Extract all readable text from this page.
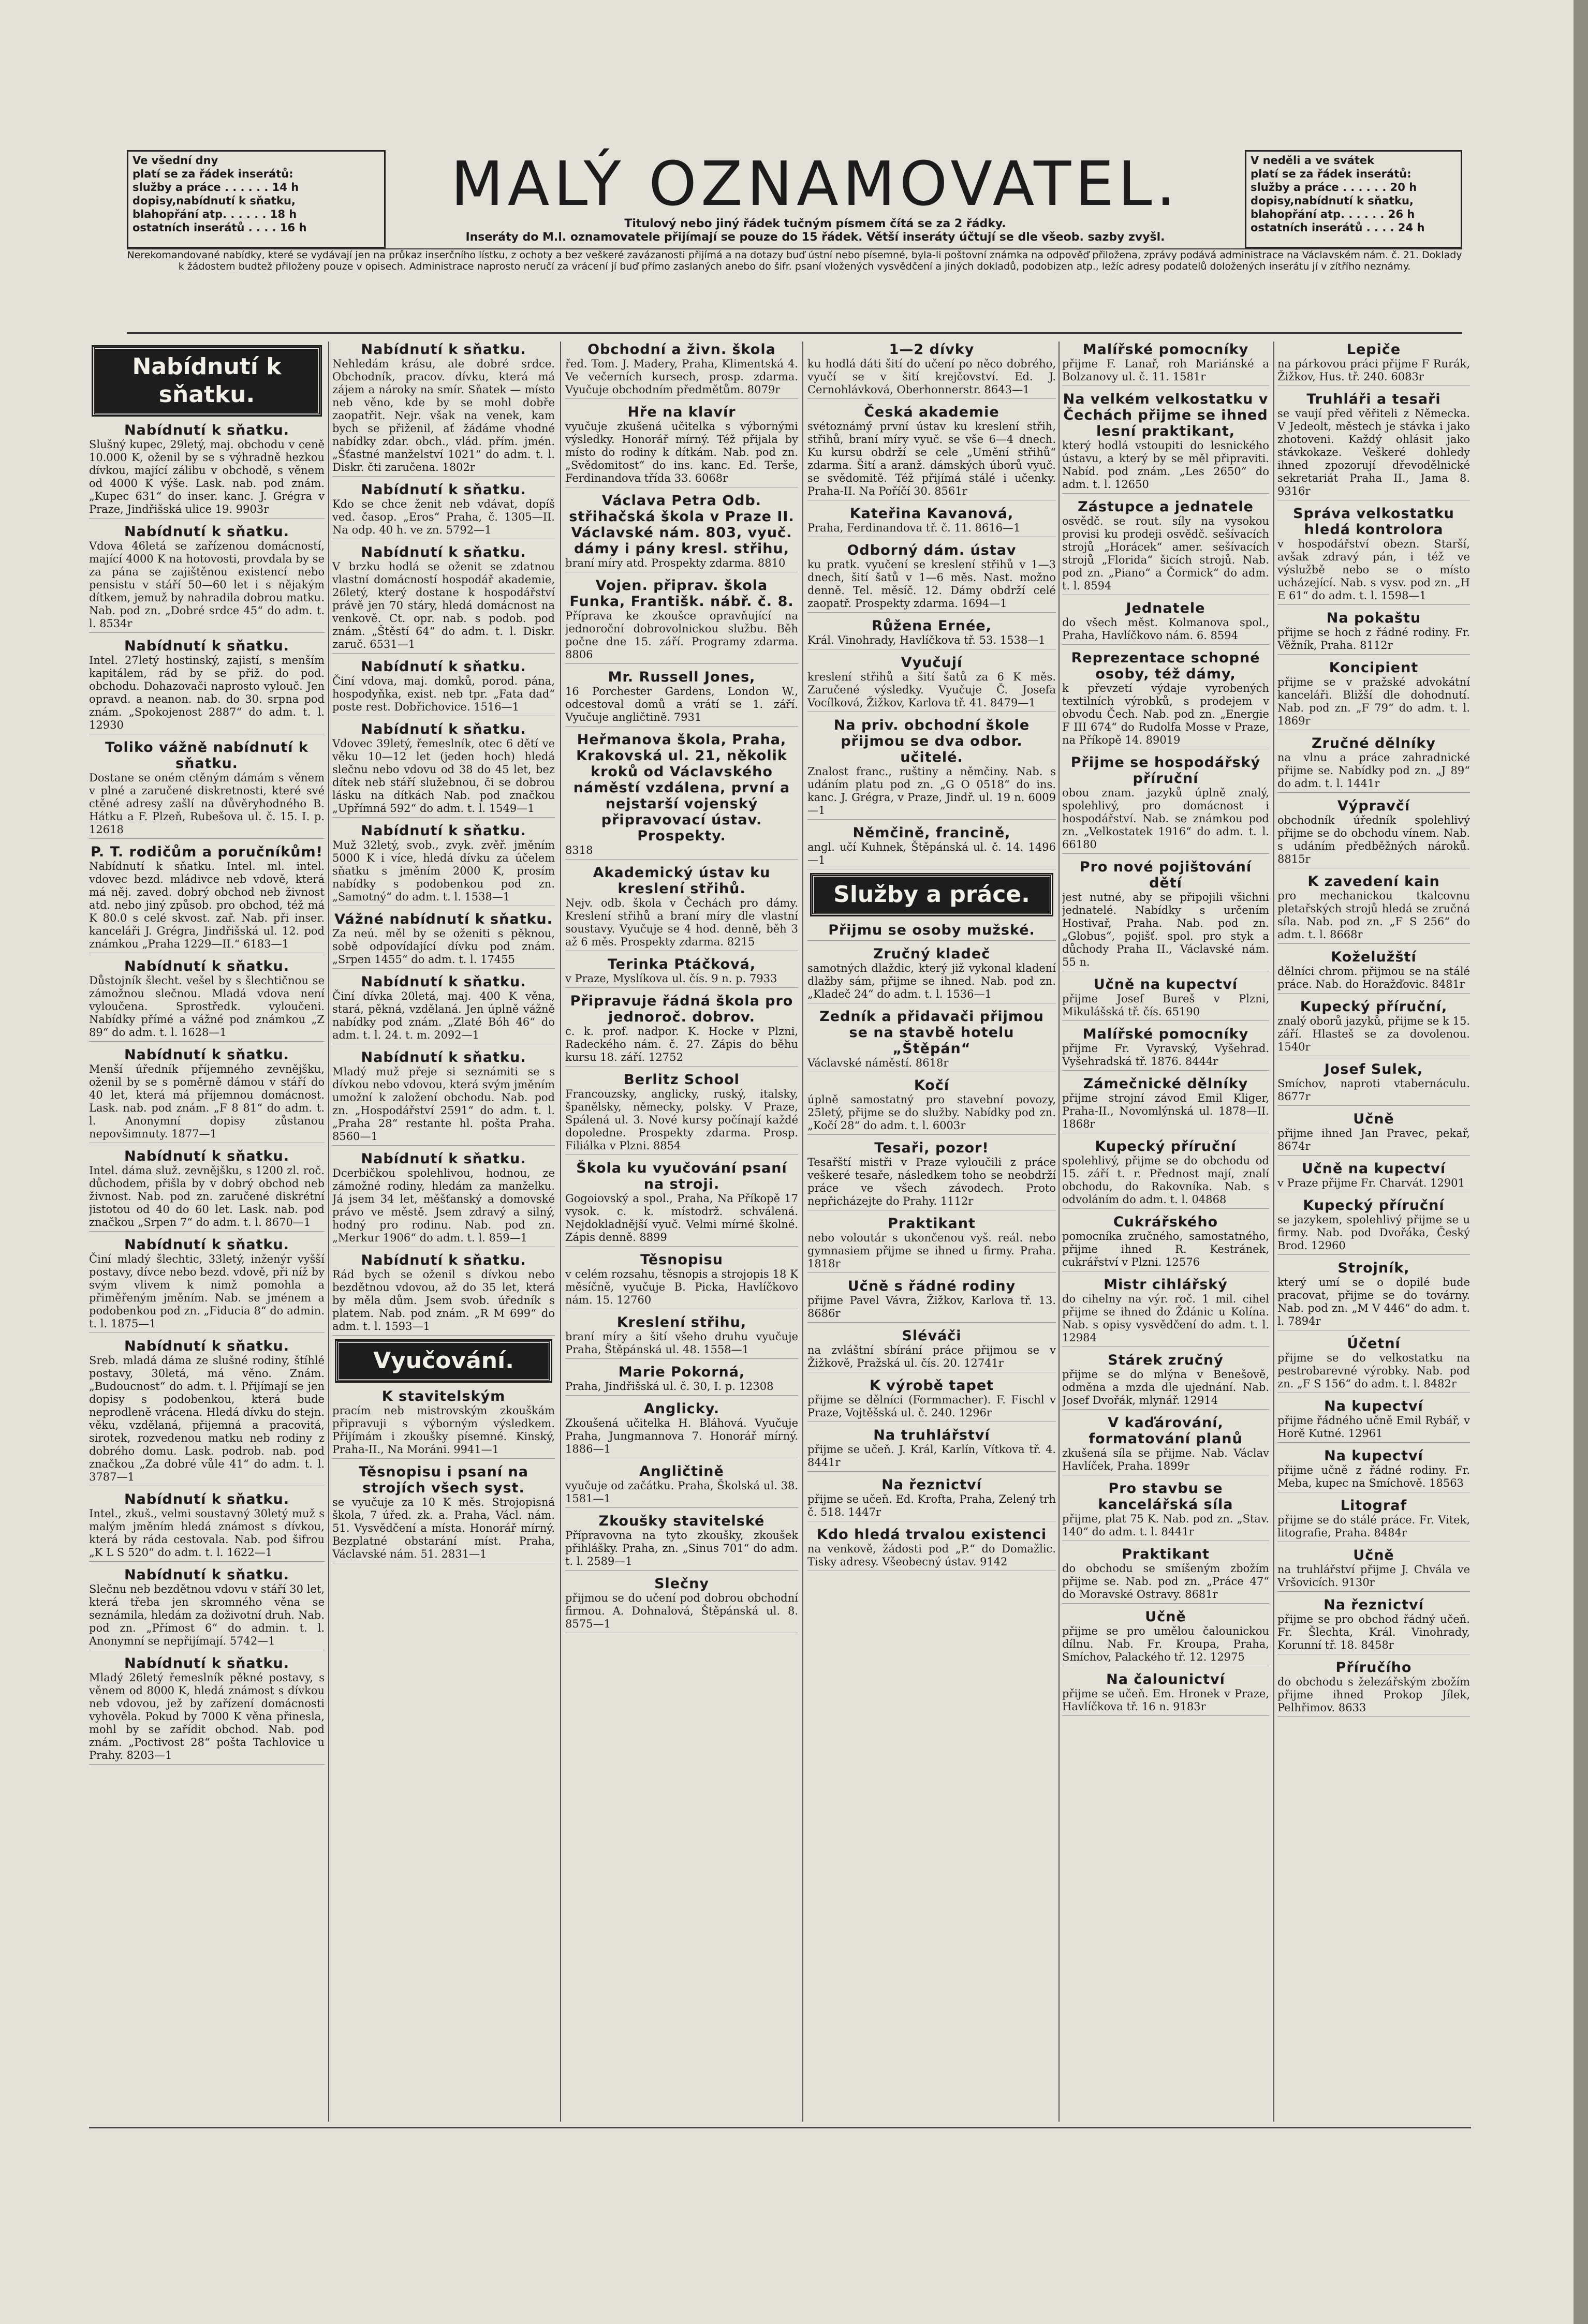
Ve všední dny
platí se za řádek inserátů:
služby a práce . . . . . . 14 h
dopisy,nabídnutí k sňatku,
blahopřání atp. . . . . . 18 h
ostatních inserátů . . . . 16 h
MALÝ OZNAMOVATEL.
Titulový nebo jiný řádek tučným písmem čítá se za 2 řádky.
Inseráty do M.l. oznamovatele přijímají se pouze do 15 řádek. Větší inseráty účtují se dle všeob. sazby zvyšl.
V neděli a ve svátek
platí se za řádek inserátů:
služby a práce . . . . . . 20 h
dopisy,nabídnutí k sňatku,
blahopřání atp. . . . . . 26 h
ostatních inserátů . . . . 24 h
Nerekomandované nabídky, které se vydávají jen na průkaz inserčního lístku, z ochoty a bez veškeré zavázanosti přijímá a na dotazy buď ústní nebo písemné, byla-li poštovní známka na odpověď přiložena, zprávy podává administrace na Václavském nám. č. 21. Doklady k žádostem budtež přiloženy pouze v opisech. Administrace naprosto neručí za vrácení jí buď přímo zaslaných anebo do šifr. psaní vložených vysvědčení a jiných dokladů, podobizen atp., ležíc adresy podatelů doložených inserátu jí v zítřího neznámy.
Nabídnutí k sňatku.
Nabídnutí k sňatku.

Slušný kupec, 29letý, maj. obchodu v ceně 10.000 K, oženil by se s výhradně hezkou dívkou, mající zálibu v obchodě, s věnem od 4000 K výše. Lask. nab. pod znám. „Kupec 631“ do inser. kanc. J. Grégra v Praze, Jindřišská ulice 19. 9903r

Nabídnutí k sňatku.

Vdova 46letá se zařízenou domácností, mající 4000 K na hotovosti, provdala by se za pána se zajištěnou existencí nebo pensistu v stáří 50—60 let i s nějakým dítkem, jemuž by nahradila dobrou matku. Nab. pod zn. „Dobré srdce 45“ do adm. t. l. 8534r

Nabídnutí k sňatku.

Intel. 27letý hostinský, zajistí, s menším kapitálem, rád by se přiž. do pod. obchodu. Dohazovači naprosto vylouč. Jen opravd. a neanon. nab. do 30. srpna pod znám. „Spokojenost 2887“ do adm. t. l. 12930

Toliko vážně nabídnutí k sňatku.

Dostane se oném ctěným dámám s věnem v plné a zaručené diskretnosti, které své ctěné adresy zašlí na důvěryhodného B. Hátku a F. Plzeň, Rubešova ul. č. 15. I. p. 12618

P. T. rodičům a poručníkům!

Nabídnutí k sňatku. Intel. ml. intel. vdovec bezd. mládivce neb vdově, která má něj. zaved. dobrý obchod neb živnost atd. nebo jiný způsob. pro obchod, též má K 80.0 s celé skvost. zař. Nab. při inser. kanceláři J. Grégra, Jindřišská ul. 12. pod známkou „Praha 1229—II.“ 6183—1

Nabídnutí k sňatku.

Důstojník šlecht. vešel by s šlechtičnou se zámožnou slečnou. Mladá vdova není vyloučena. Sprostředk. vyloučeni. Nabídky přímé a vážné pod známkou „Z 89“ do adm. t. l. 1628—1

Nabídnutí k sňatku.

Menší úředník příjemného zevnějšku, oženil by se s poměrně dámou v stáří do 40 let, která má příjemnou domácnost. Lask. nab. pod znám. „F 8 81“ do adm. t. l. Anonymní dopisy zůstanou nepovšimnuty. 1877—1

Nabídnutí k sňatku.

Intel. dáma služ. zevnějšku, s 1200 zl. roč. důchodem, přišla by v dobrý obchod neb živnost. Nab. pod zn. zaručené diskrétní jistotou od 40 do 60 let. Lask. nab. pod značkou „Srpen 7“ do adm. t. l. 8670—1

Nabídnutí k sňatku.

Činí mladý šlechtic, 33letý, inženýr vyšší postavy, dívce nebo bezd. vdově, při níž by svým vlivem k nimž pomohla a přiměřeným jměním. Nab. se jménem a podobenkou pod zn. „Fiducia 8“ do admin. t. l. 1875—1

Nabídnutí k sňatku.

Sreb. mladá dáma ze slušné rodiny, štíhlé postavy, 30letá, má věno. Znám. „Budoucnost“ do adm. t. l. Přijímají se jen dopisy s podobenkou, která bude neprodleně vrácena. Hledá dívku do stejn. věku, vzdělaná, přijemná a pracovitá, sirotek, rozvedenou matku neb rodiny z dobrého domu. Lask. podrob. nab. pod značkou „Za dobré vůle 41“ do adm. t. l. 3787—1

Nabídnutí k sňatku.

Intel., zkuš., velmi soustavný 30letý muž s malým jměním hledá známost s dívkou, která by ráda cestovala. Nab. pod šifrou „K L S 520“ do adm. t. l. 1622—1

Nabídnutí k sňatku.

Slečnu neb bezdětnou vdovu v stáří 30 let, která třeba jen skromného věna se seznámila, hledám za doživotní druh. Nab. pod zn. „Přímost 6“ do admin. t. l. Anonymní se nepřijímají. 5742—1

Nabídnutí k sňatku.

Mladý 26letý řemeslník pěkné postavy, s věnem od 8000 K, hledá známost s dívkou neb vdovou, jež by zařízení domácnosti vyhověla. Pokud by 7000 K věna přinesla, mohl by se zařídit obchod. Nab. pod znám. „Poctivost 28“ pošta Tachlovice u Prahy. 8203—1

Nabídnutí k sňatku.

Nehledám krásu, ale dobré srdce. Obchodník, pracov. dívku, která má zájem a nároky na smír. Sňatek — místo neb věno, kde by se mohl dobře zaopatřit. Nejr. však na venek, kam bych se přiženil, ať žádáme vhodné nabídky zdar. obch., vlád. přím. jmén. „Šťastné manželství 1021“ do adm. t. l. Diskr. čti zaručena. 1802r

Nabídnutí k sňatku.

Kdo se chce ženit neb vdávat, dopíš ved. časop. „Eros“ Praha, č. 1305—II. Na odp. 40 h. ve zn. 5792—1

Nabídnutí k sňatku.

V brzku hodlá se oženit se zdatnou vlastní domácností hospodář akademie, 26letý, který dostane k hospodářství právě jen 70 stáry, hledá domácnost na venkově. Ct. opr. nab. s podob. pod znám. „Štěstí 64“ do adm. t. l. Diskr. zaruč. 6531—1

Nabídnutí k sňatku.

Činí vdova, maj. domků, porod. pána, hospodyňka, exist. neb tpr. „Fata dad“ poste rest. Dobřichovice. 1516—1

Nabídnutí k sňatku.

Vdovec 39letý, řemeslník, otec 6 dětí ve věku 10—12 let (jeden hoch) hledá slečnu nebo vdovu od 38 do 45 let, bez dítek neb stáří služebnou, či se dobrou lásku na dítkách Nab. pod značkou „Upřímná 592“ do adm. t. l. 1549—1

Nabídnutí k sňatku.

Muž 32letý, svob., zvyk. zvěř. jměním 5000 K i více, hledá dívku za účelem sňatku s jměním 2000 K, prosím nabídky s podobenkou pod zn. „Samotný“ do adm. t. l. 1538—1

Vážné nabídnutí k sňatku.

Za neú. měl by se oženiti s pěknou, sobě odpovídající dívku pod znám. „Srpen 1455“ do adm. t. l. 17455

Nabídnutí k sňatku.

Činí dívka 20letá, maj. 400 K věna, stará, pěkná, vzdělaná. Jen úplně vážně nabídky pod znám. „Zlaté Bóh 46“ do adm. t. l. 24. t. m. 2092—1

Nabídnutí k sňatku.

Mladý muž přeje si seznámiti se s dívkou nebo vdovou, která svým jměním umožní k založení obchodu. Nab. pod zn. „Hospodářství 2591“ do adm. t. l. „Praha 28“ restante hl. pošta Praha. 8560—1

Nabídnutí k sňatku.

Dcerbičkou spolehlivou, hodnou, ze zámožné rodiny, hledám za manželku. Já jsem 34 let, měšťanský a domovské právo ve městě. Jsem zdravý a silný, hodný pro rodinu. Nab. pod zn. „Merkur 1906“ do adm. t. l. 859—1

Nabídnutí k sňatku.

Rád bych se oženil s dívkou nebo bezdětnou vdovou, až do 35 let, která by měla dům. Jsem svob. úředník s platem. Nab. pod znám. „R M 699“ do adm. t. l. 1593—1

Vyučování.
K stavitelským

pracím neb mistrovským zkouškám připravuji s výborným výsledkem. Přijímám i zkoušky písemné. Kinský, Praha-II., Na Moráni. 9941—1

Těsnopisu i psaní na strojích všech syst.

se vyučuje za 10 K měs. Strojopisná škola, 7 úřed. zk. a. Praha, Václ. nám. 51. Vysvědčení a místa. Honorář mírný. Bezplatné obstarání míst. Praha, Václavské nám. 51. 2831—1

Obchodní a živn. škola

řed. Tom. J. Madery, Praha, Klimentská 4. Ve večerních kursech, prosp. zdarma. Vyučuje obchodním předmětům. 8079r

Hře na klavír

vyučuje zkušená učitelka s výbornými výsledky. Honorář mírný. Též přijala by místo do rodiny k dítkám. Nab. pod zn. „Svědomitost“ do ins. kanc. Ed. Terše, Ferdinandova třída 33. 6068r

Václava Petra Odb. střihačská škola v Praze II. Václavské nám. 803, vyuč. dámy i pány kresl. střihu,

braní míry atd. Prospekty zdarma. 8810

Vojen. připrav. škola Funka, Františk. nábř. č. 8.

Příprava ke zkoušce opravňující na jednoroční dobrovolnickou službu. Běh počne dne 15. září. Programy zdarma. 8806

Mr. Russell Jones,

16 Porchester Gardens, London W., odcestoval domů a vrátí se 1. září. Vyučuje angličtině. 7931

Heřmanova škola, Praha, Krakovská ul. 21, několik kroků od Václavského náměstí vzdálena, první a nejstarší vojenský připravovací ústav. Prospekty.

8318

Akademický ústav ku kreslení střihů.

Nejv. odb. škola v Čechách pro dámy. Kreslení střihů a braní míry dle vlastní soustavy. Vyučuje se 4 hod. denně, běh 3 až 6 měs. Prospekty zdarma. 8215

Terinka Ptáčková,

v Praze, Myslíkova ul. čís. 9 n. p. 7933

Připravuje řádná škola pro jednoroč. dobrov.

c. k. prof. nadpor. K. Hocke v Plzni, Radeckého nám. č. 27. Zápis do běhu kursu 18. září. 12752

Berlitz School

Francouzsky, anglicky, ruský, italsky, španělsky, německy, polsky. V Praze, Spálená ul. 3. Nové kursy počínají každé dopoledne. Prospekty zdarma. Prosp. Filiálka v Plzni. 8854

Škola ku vyučování psaní na stroji.

Gogoiovský a spol., Praha, Na Příkopě 17 vysok. c. k. místodrž. schválená. Nejdokladnější vyuč. Velmi mírné školné. Zápis denně. 8899

Těsnopisu

v celém rozsahu, těsnopis a strojopis 18 K měsíčně, vyučuje B. Picka, Havlíčkovo nám. 15. 12760

Kreslení střihu,

braní míry a šití všeho druhu vyučuje Praha, Štěpánská ul. 48. 1558—1

Marie Pokorná,

Praha, Jindřišská ul. č. 30, I. p. 12308

Anglicky.

Zkoušená učitelka H. Bláhová. Vyučuje Praha, Jungmannova 7. Honorář mírný. 1886—1

Angličtině

vyučuje od začátku. Praha, Školská ul. 38. 1581—1

Zkoušky stavitelské

Přípravovna na tyto zkoušky, zkoušek přihlášky. Praha, zn. „Sinus 701“ do adm. t. l. 2589—1

Slečny

přijmou se do učení pod dobrou obchodní firmou. A. Dohnalová, Štěpánská ul. 8. 8575—1

1—2 dívky

ku hodlá dáti šití do učení po něco dobrého, vyučí se v šití krejčovství. Ed. J. Cernohlávková, Oberhonnerstr. 8643—1

Česká akademie

svétoznámý první ústav ku kreslení střih, střihů, braní míry vyuč. se vše 6—4 dnech. Ku kursu obdrží se cele „Umění střihů“ zdarma. Šití a aranž. dámských úborů vyuč. se svědomitě. Též přijímá stálé i učenky. Praha-II. Na Poříčí 30. 8561r

Kateřina Kavanová,

Praha, Ferdinandova tř. č. 11. 8616—1

Odborný dám. ústav

ku pratk. vyučení se kreslení střihů v 1—3 dnech, šití šatů v 1—6 měs. Nast. možno denně. Tel. měsíč. 12. Dámy obdrží celé zaopatř. Prospekty zdarma. 1694—1

Růžena Ernée,

Král. Vinohrady, Havlíčkova tř. 53. 1538—1

Vyučují

kreslení střihů a šití šatů za 6 K měs. Zaručené výsledky. Vyučuje Č. Josefa Vocílková, Žižkov, Karlova tř. 41. 8479—1

Na priv. obchodní škole přijmou se dva odbor. učitelé.

Znalost franc., ruštiny a němčiny. Nab. s udáním platu pod zn. „G O 0518“ do ins. kanc. J. Grégra, v Praze, Jindř. ul. 19 n. 6009—1

Němčině, francině,

angl. učí Kuhnek, Štěpánská ul. č. 14. 1496—1

Služby a práce.
Přijmu se osoby mužské.
Zručný kladeč

samotných dlaždic, který již vykonal kladení dlažby sám, přijme se ihned. Nab. pod zn. „Kladeč 24“ do adm. t. l. 1536—1

Zedník a přidavači přijmou se na stavbě hotelu „Štěpán“

Václavské náměstí. 8618r

Kočí

úplně samostatný pro stavební povozy, 25letý, přijme se do služby. Nabídky pod zn. „Kočí 28“ do adm. t. l. 6003r

Tesaři, pozor!

Tesařští mistři v Praze vyloučili z práce veškeré tesaře, následkem toho se neobdrží práce ve všech závodech. Proto nepřicházejte do Prahy. 1112r

Praktikant

nebo voloutár s ukončenou vyš. reál. nebo gymnasiem přijme se ihned u firmy. Praha. 1818r

Učně s řádné rodiny

přijme Pavel Vávra, Žižkov, Karlova tř. 13. 8686r

Sléváči

na zvláštní sbírání práce přijmou se v Žižkově, Pražská ul. čís. 20. 12741r

K výrobě tapet

přijme se dělníci (Formmacher). F. Fischl v Praze, Vojtěšská ul. č. 240. 1296r

Na truhlářství

přijme se učeň. J. Král, Karlín, Vítkova tř. 4. 8441r

Na řeznictví

přijme se učeň. Ed. Krofta, Praha, Zelený trh č. 518. 1447r

Kdo hledá trvalou existenci

na venkově, žádosti pod „P.“ do Domažlic. Tisky adresy. Všeobecný ústav. 9142

Malířské pomocníky

přijme F. Lanař, roh Mariánské a Bolzanovy ul. č. 11. 1581r

Na velkém velkostatku v Čechách přijme se ihned lesní praktikant,

který hodlá vstoupiti do lesnického ústavu, a který by se měl připraviti. Nabíd. pod znám. „Les 2650“ do adm. t. l. 12650

Zástupce a jednatele

osvědč. se rout. síly na vysokou provisi ku prodeji osvědč. sešívacích strojů „Horácek“ amer. sešívacích strojů „Florida“ šicích strojů. Nab. pod zn. „Piano“ a Čormick“ do adm. t. l. 8594

Jednatele

do všech měst. Kolmanova spol., Praha, Havlíčkovo nám. 6. 8594

Reprezentace schopné osoby, též dámy,

k převzetí výdaje vyrobených textilních výrobků, s prodejem v obvodu Čech. Nab. pod zn. „Energie F III 674“ do Rudolfa Mosse v Praze, na Příkopě 14. 89019

Přijme se hospodářský příruční

obou znam. jazyků úplně znalý, spolehlivý, pro domácnost i hospodářství. Nab. se známkou pod zn. „Velkostatek 1916“ do adm. t. l. 66180

Pro nové pojištování dětí

jest nutné, aby se připojili všichni jednatelé. Nabídky s určením Hostivař, Praha. Nab. pod zn. „Globus“, pojišť. spol. pro styk a důchody Praha II., Václavské nám. 55 n.

Učně na kupectví

přijme Josef Bureš v Plzni, Mikulášská tř. čís. 65190

Malířské pomocníky

přijme Fr. Vyravský, Vyšehrad. Vyšehradská tř. 1876. 8444r

Zámečnické dělníky

přijme strojní závod Emil Kliger, Praha-II., Novomlýnská ul. 1878—II. 1868r

Kupecký příruční

spolehlivý, přijme se do obchodu od 15. září t. r. Přednost mají, znalí obchodu, do Rakovníka. Nab. s odvoláním do adm. t. l. 04868

Cukrářského

pomocníka zručného, samostatného, přijme ihned R. Kestránek, cukrářství v Plzni. 12576

Mistr cihlářský

do cihelny na výr. roč. 1 mil. cihel přijme se ihned do Ždánic u Kolína. Nab. s opisy vysvědčení do adm. t. l. 12984

Stárek zručný

přijme se do mlýna v Benešově, odměna a mzda dle ujednání. Nab. Josef Dvořák, mlynář. 12914

V kaďárování, formatování planů

zkušená síla se přijme. Nab. Václav Havlíček, Praha. 1899r

Pro stavbu se kancelářská síla

přijme, plat 75 K. Nab. pod zn. „Stav. 140“ do adm. t. l. 8441r

Praktikant

do obchodu se smíšeným zbožím přijme se. Nab. pod zn. „Práce 47“ do Moravské Ostravy. 8681r

Učně

přijme se pro umělou čalounickou dílnu. Nab. Fr. Kroupa, Praha, Smíchov, Palackého tř. 12. 12975

Na čalounictví

přijme se učeň. Em. Hronek v Praze, Havlíčkova tř. 16 n. 9183r

Lepiče

na párkovou práci přijme F Rurák, Žižkov, Hus. tř. 240. 6083r

Truhláři a tesaři

se vaují před věřiteli z Německa. V Jedeolt, městech je stávka i jako zhotoveni. Každý ohlásit jako stávkokaze. Veškeré dohledy ihned zpozorují dřevodělnické sekretariát Praha II., Jama 8. 9316r

Správa velkostatku hledá kontrolora

v hospodářství obezn. Starší, avšak zdravý pán, i též ve výslužbě nebo se o místo ucházející. Nab. s vysv. pod zn. „H E 61“ do adm. t. l. 1598—1

Na pokaštu

přijme se hoch z řádné rodiny. Fr. Věžník, Praha. 8112r

Koncipient

přijme se v pražské advokátní kanceláři. Bližší dle dohodnutí. Nab. pod zn. „F 79“ do adm. t. l. 1869r

Zručné dělníky

na vlnu a práce zahradnické přijme se. Nabídky pod zn. „J 89“ do adm. t. l. 1441r

Výpravčí

obchodník úředník spolehlivý přijme se do obchodu vínem. Nab. s udáním předběžných nároků. 8815r

K zavedení kain

pro mechanickou tkalcovnu pletařských strojů hledá se zručná síla. Nab. pod zn. „F S 256“ do adm. t. l. 8668r

Koželužští

dělníci chrom. přijmou se na stálé práce. Nab. do Horažďovic. 8481r

Kupecký příruční,

znalý oborů jazyků, přijme se k 15. září. Hlasteš se za dovolenou. 1540r

Josef Sulek,

Smíchov, naproti vtabernáculu. 8677r

Učně

přijme ihned Jan Pravec, pekař, 8674r

Učně na kupectví

v Praze přijme Fr. Charvát. 12901

Kupecký příruční

se jazykem, spolehlivý přijme se u firmy. Nab. pod Dvořáka, Český Brod. 12960

Strojník,

který umí se o dopilé bude pracovat, přijme se do továrny. Nab. pod zn. „M V 446“ do adm. t. l. 7894r

Účetní

přijme se do velkostatku na pestrobarevné výrobky. Nab. pod zn. „F S 156“ do adm. t. l. 8482r

Na kupectví

přijme řádného učně Emil Rybář, v Horě Kutné. 12961

Na kupectví

přijme učně z řádné rodiny. Fr. Meba, kupec na Smíchově. 18563

Litograf

přijme se do stálé práce. Fr. Vitek, litografie, Praha. 8484r

Učně

na truhlářství přijme J. Chvála ve Vršovicích. 9130r

Na řeznictví

přijme se pro obchod řádný učeň. Fr. Šlechta, Král. Vinohrady, Korunní tř. 18. 8458r

Příručího

do obchodu s železářským zbožím přijme ihned Prokop Jílek, Pelhřimov. 8633
